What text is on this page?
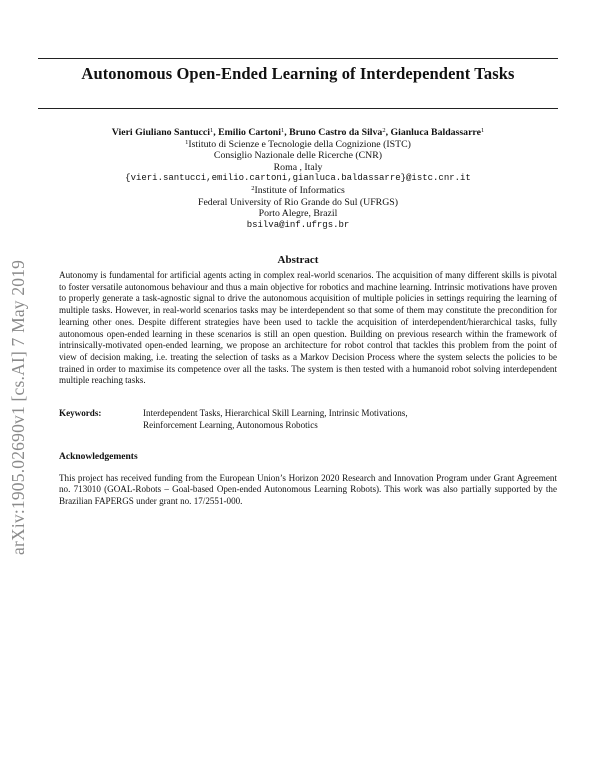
Autonomous Open-Ended Learning of Interdependent Tasks
Vieri Giuliano Santucci$^1$, Emilio Cartoni$^1$, Bruno Castro da Silva$^2$, Gianluca Baldassarre$^1$
$^1$Istituto di Scienze e Tecnologie della Cognizione (ISTC)
Consiglio Nazionale delle Ricerche (CNR)
Roma , Italy
{vieri.santucci,emilio.cartoni,gianluca.baldassarre}@istc.cnr.it
$^2$Institute of Informatics
Federal University of Rio Grande do Sul (UFRGS)
Porto Alegre, Brazil
bsilva@inf.ufrgs.br
Abstract
Autonomy is fundamental for artificial agents acting in complex real-world scenarios. The acquisition of many different skills is pivotal to foster versatile autonomous behaviour and thus a main objective for robotics and machine learning. Intrinsic motivations have proven to properly generate a task-agnostic signal to drive the autonomous acquisition of multiple policies in settings requiring the learning of multiple tasks. However, in real-world scenarios tasks may be interdependent so that some of them may constitute the precondition for learning other ones. Despite different strategies have been used to tackle the acquisition of interdependent/hierarchical tasks, fully autonomous open-ended learning in these scenarios is still an open question. Building on previous research within the framework of intrinsically-motivated open-ended learning, we propose an architecture for robot control that tackles this problem from the point of view of decision making, i.e. treating the selection of tasks as a Markov Decision Process where the system selects the policies to be trained in order to maximise its competence over all the tasks. The system is then tested with a humanoid robot solving interdependent multiple reaching tasks.
Keywords:	Interdependent Tasks, Hierarchical Skill Learning, Intrinsic Motivations, Reinforcement Learning, Autonomous Robotics
Acknowledgements
This project has received funding from the European Union’s Horizon 2020 Research and Innovation Program under Grant Agreement no. 713010 (GOAL-Robots – Goal-based Open-ended Autonomous Learning Robots). This work was also partially supported by the Brazilian FAPERGS under grant no. 17/2551-000.
arXiv:1905.02690v1 [cs.AI] 7 May 2019
